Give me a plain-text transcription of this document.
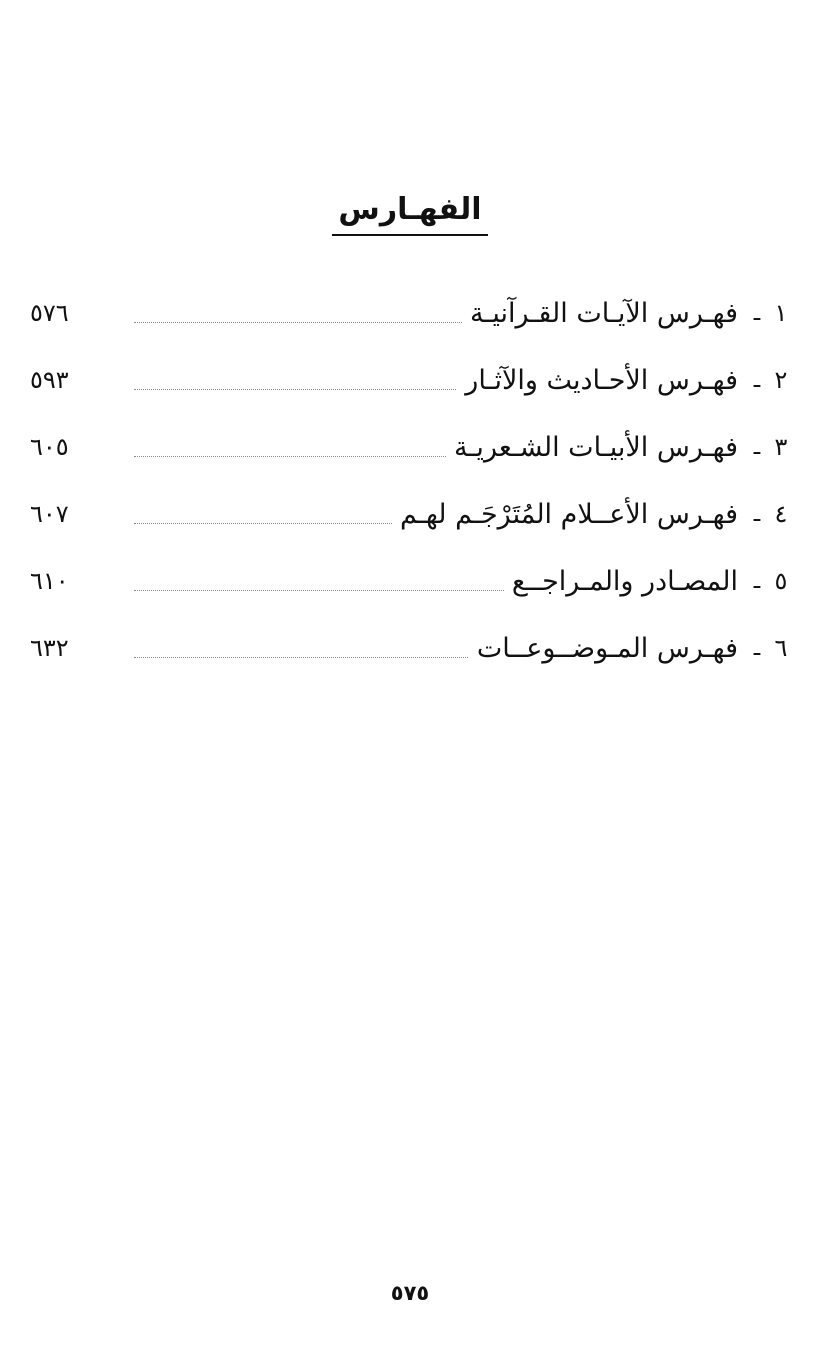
الفهـارس
١
ـ
فهـرس الآيـات القـرآنيـة
٥٧٦
٢
ـ
فهـرس الأحـاديث والآثـار
٥٩٣
٣
ـ
فهـرس الأبيـات الشـعريـة
٦٠٥
٤
ـ
فهـرس الأعــلام المُتَرْجَـم لهـم
٦٠٧
٥
ـ
المصـادر والمـراجــع
٦١٠
٦
ـ
فهـرس المـوضــوعــات
٦٣٢
٥٧٥
